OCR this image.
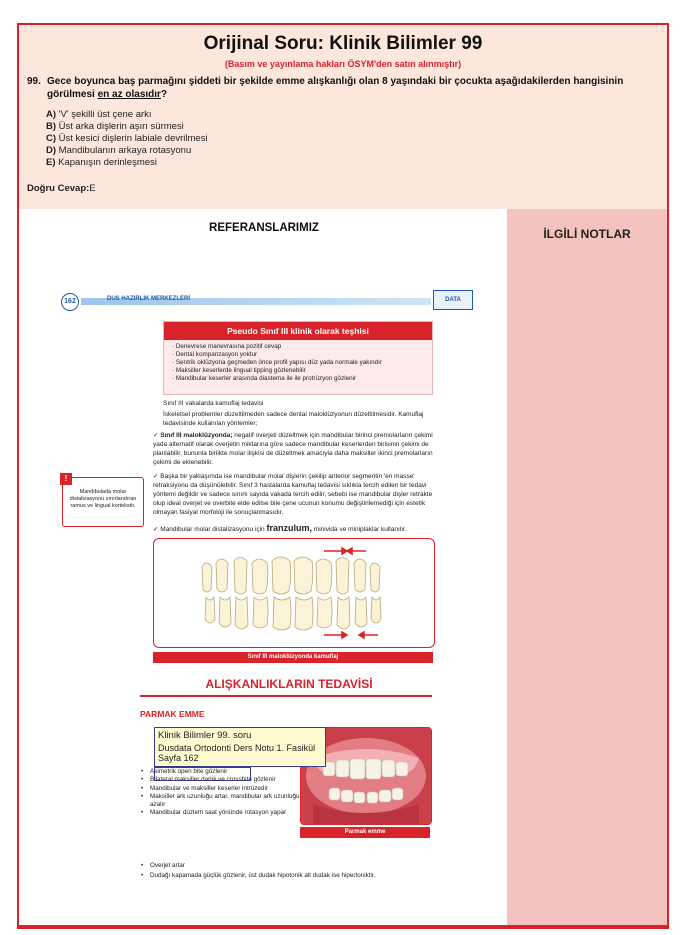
Orijinal Soru: Klinik Bilimler 99
(Basım ve yayınlama hakları ÖSYM'den satın alınmıştır)
99. Gece boyunca baş parmağını şiddeti bir şekilde emme alışkanlığı olan 8 yaşındaki bir çocukta aşağıdakilerden hangisinin görülmesi en az olasıdır?
A) 'V' şekilli üst çene arkı
B) Üst arka dişlerin aşırı sürmesi
C) Üst kesici dişlerin labiale devrilmesi
D) Mandibulanın arkaya rotasyonu
E) Kapanışın derinleşmesi
Doğru Cevap:E
İLGİLİ NOTLAR
REFERANSLARIMIZ
162	DUS HAZIRLIK MERKEZLERİ	DATA
Pseudo Sınıf III klinik olarak teşhisi
· Denevrese manevrasına pozitif cevap
· Dental kompanzasyon yoktur
· Sentrik oklüzyona geçmeden önce profil yapısı düz yada normale yakındır
· Maksiller keserlerde lingual tipping gözlenebilir
· Mandibular keserler arasında diastema ile ile protrüzyon gözlenir
Sınıf III vakalarda kamuflaj tedavisi
İskeletsel problemler düzeltilmeden sadece dental maloklüzyonun düzeltilmesidir. Kamuflaj tedavisinde kullanılan yöntemler;
✓ Sınıf III maloklüzyonda; negatif overjeti düzeltmek için mandibular birinci premolarların çekimi yada alternatif olarak overjetin miktarına göre sadece mandibular keserlerden birisinin çekimi de planlabilir, bununla birlikte molar ilişkisi de düzeltmek amacıyla daha maksiller ikinci premolarların çekimi de eklenebilir.
✓ Başka bir yaklaşımda ise mandibular molar dişlerin çekilip anterior segmentin 'en masse' retraksiyonu da düşünülebilir. Sınıf 3 hastalarda kamuflaj tedavisi sıklıkla tercih edilen bir tedavi yöntemi değildir ve sadece sınırlı sayıda vakada tercih edilir, sebebi ise mandibular dişler retrakte olup ideal overjet ve overbite elde edilse bile çene ucunun konumu değiştirilemediği için estetik olmayan fasiyal morfoloji ile sonuçlanmasıdır.
✓ Mandibular molar distalizasyonu için franzulum, minivida ve miniplaklar kullanılır.
!
Mandibulada molar distalizasyonu sınırlandıran ramus ve lingual kortekstir.
Sınıf III maloklüzyonda kamuflaj
ALIŞKANLIKLARIN TEDAVİSİ
PARMAK EMME
Parmak emme
• Asimetrik open bite gözlenir
• Bilateral maksiller darlık ve crossbite gözlenir
• Mandibular ve maksiller keserler intrüzedir
• Maksiller ark uzunluğu artar, mandibular ark uzunluğu azalır
• Mandibular düzlem saat yönünde rotasyon yapar
• Overjet artar
• Dudağı kapamada güçlük gözlenir, üst dudak hipotonik alt dudak ise hipertoniktir.
Klinik Bilimler 99. soru
Dusdata Ortodonti Ders Notu 1. Fasikül Sayfa 162
